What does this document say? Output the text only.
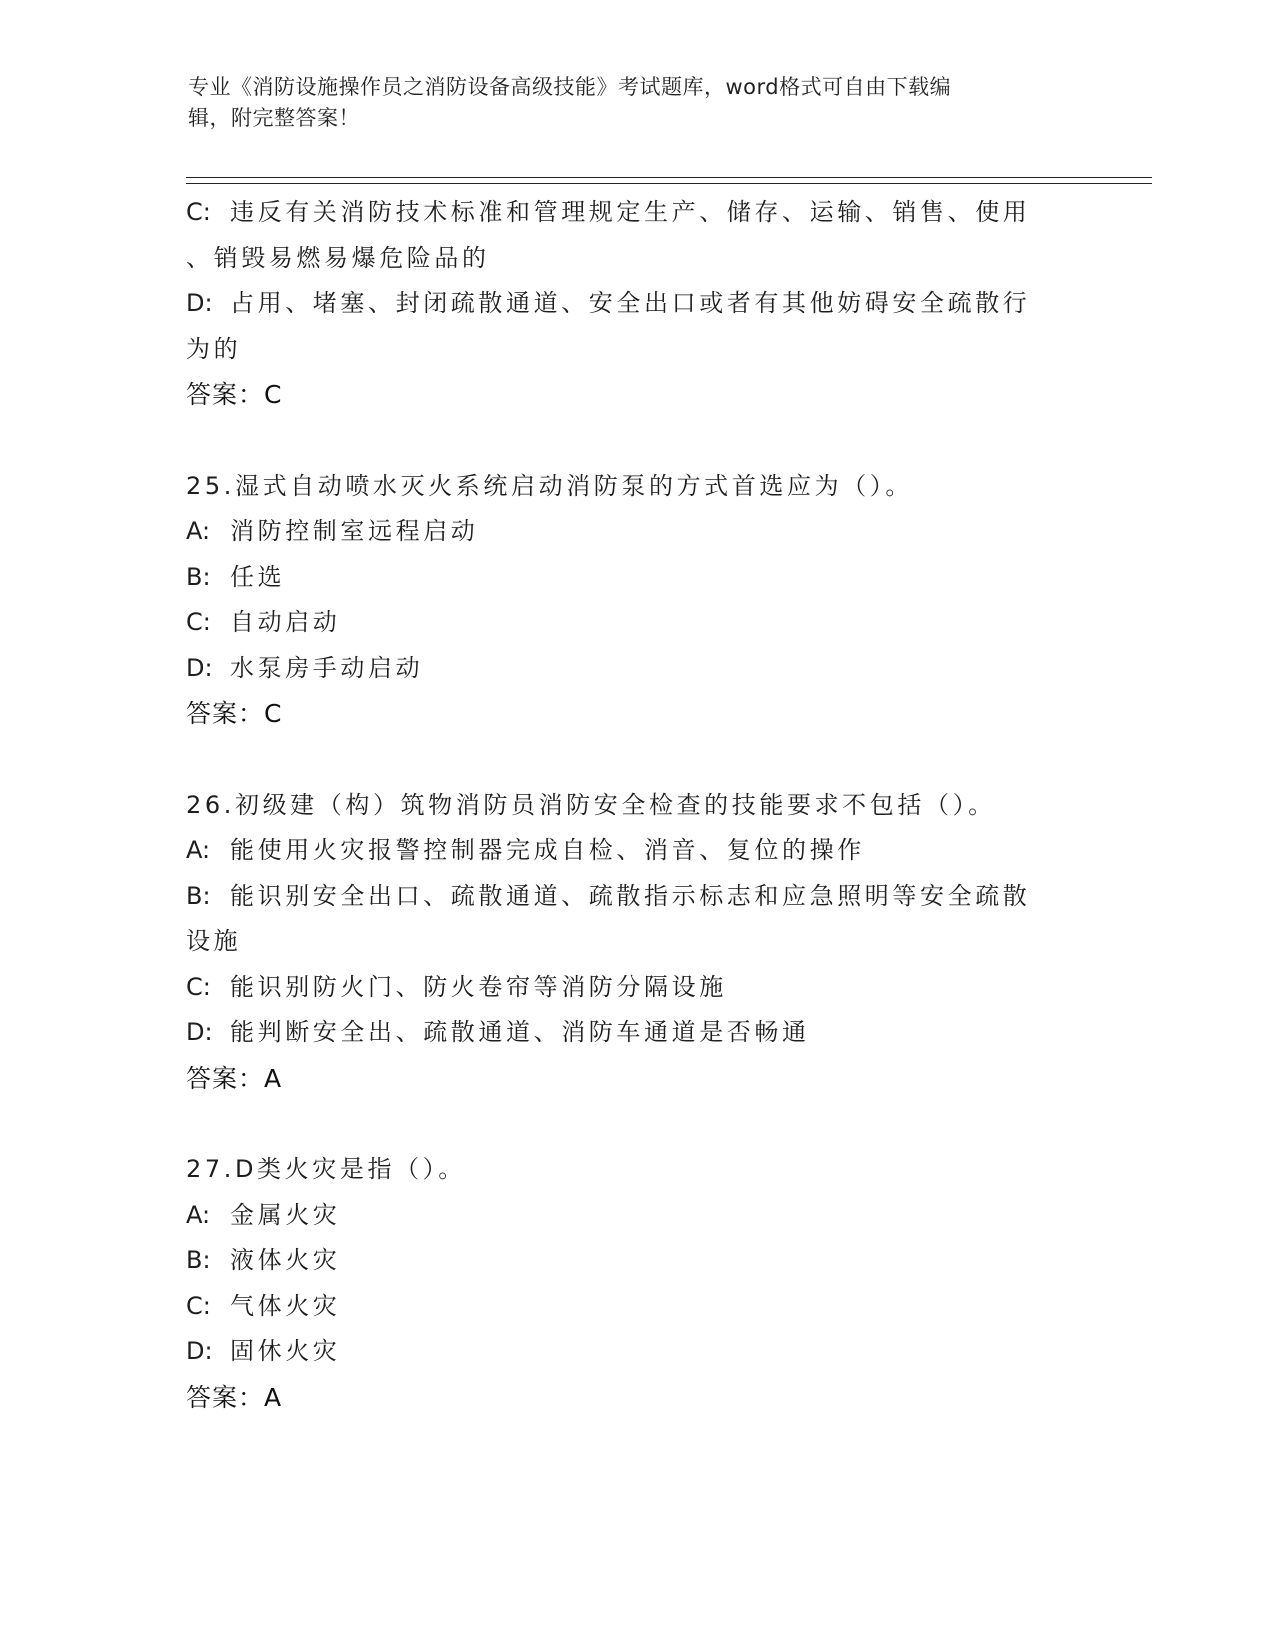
专业《消防设施操作员之消防设备高级技能》考试题库，word格式可自由下载编
辑，附完整答案！
C: 违反有关消防技术标准和管理规定生产、储存、运输、销售、使用
、销毁易燃易爆危险品的
D: 占用、堵塞、封闭疏散通道、安全出口或者有其他妨碍安全疏散行
为的
答案：C
25.湿式自动喷水灭火系统启动消防泵的方式首选应为（）。
A: 消防控制室远程启动
B: 任选
C: 自动启动
D: 水泵房手动启动
答案：C
26.初级建（构）筑物消防员消防安全检查的技能要求不包括（）。
A: 能使用火灾报警控制器完成自检、消音、复位的操作
B: 能识别安全出口、疏散通道、疏散指示标志和应急照明等安全疏散
设施
C: 能识别防火门、防火卷帘等消防分隔设施
D: 能判断安全出、疏散通道、消防车通道是否畅通
答案：A
27.D类火灾是指（）。
A: 金属火灾
B: 液体火灾
C: 气体火灾
D: 固休火灾
答案：A
